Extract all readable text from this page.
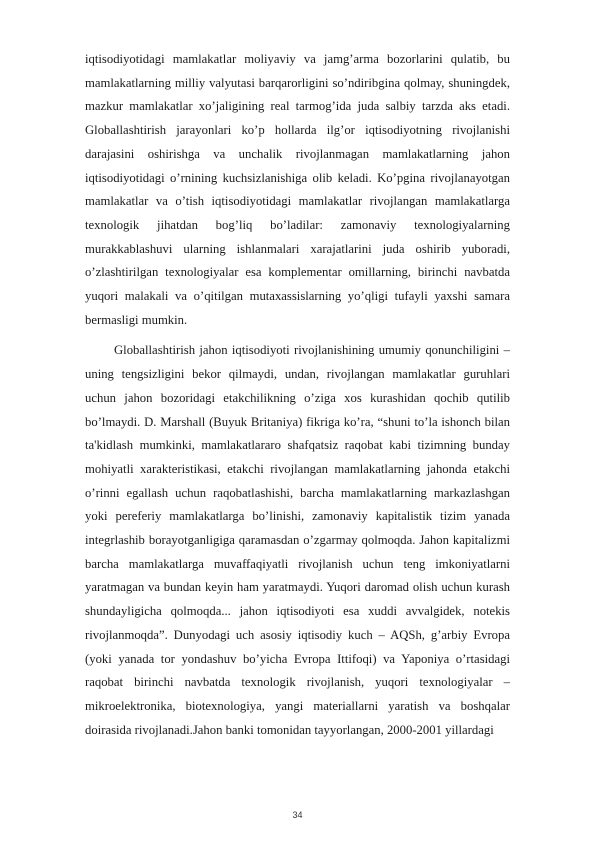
iqtisodiyotidagi mamlakatlar moliyaviy va jamg’arma bozorlarini qulatib, bu mamlakatlarning milliy valyutasi barqarorligini so’ndiribgina qolmay, shuningdek, mazkur mamlakatlar xo’jaligining real tarmog’ida juda salbiy tarzda aks etadi. Globallashtirish jarayonlari ko’p hollarda ilg’or iqtisodiyotning rivojlanishi darajasini oshirishga va unchalik rivojlanmagan mamlakatlarning jahon iqtisodiyotidagi o’rnining kuchsizlanishiga olib keladi. Ko’pgina rivojlanayotgan mamlakatlar va o’tish iqtisodiyotidagi mamlakatlar rivojlangan mamlakatlarga texnologik jihatdan bog’liq bo’ladilar: zamonaviy texnologiyalarning murakkablashuvi ularning ishlanmalari xarajatlarini juda oshirib yuboradi, o’zlashtirilgan texnologiyalar esa komplementar omillarning, birinchi navbatda yuqori malakali va o’qitilgan mutaxassislarning yo’qligi tufayli yaxshi samara bermasligi mumkin.

Globallashtirish jahon iqtisodiyoti rivojlanishining umumiy qonunchiligini – uning tengsizligini bekor qilmaydi, undan, rivojlangan mamlakatlar guruhlari uchun jahon bozoridagi etakchilikning o’ziga xos kurashidan qochib qutilib bo’lmaydi. D. Marshall (Buyuk Britaniya) fikriga ko’ra, “shuni to’la ishonch bilan ta'kidlash mumkinki, mamlakatlararo shafqatsiz raqobat kabi tizimning bunday mohiyatli xarakteristikasi, etakchi rivojlangan mamlakatlarning jahonda etakchi o’rinni egallash uchun raqobatlashishi, barcha mamlakatlarning markazlashgan yoki pereferiy mamlakatlarga bo’linishi, zamonaviy kapitalistik tizim yanada integrlashib borayotganligiga qaramasdan o’zgarmay qolmoqda. Jahon kapitalizmi barcha mamlakatlarga muvaffaqiyatli rivojlanish uchun teng imkoniyatlarni yaratmagan va bundan keyin ham yaratmaydi. Yuqori daromad olish uchun kurash shundayligicha qolmoqda... jahon iqtisodiyoti esa xuddi avvalgidek, notekis rivojlanmoqda”. Dunyodagi uch asosiy iqtisodiy kuch – AQSh, g’arbiy Evropa (yoki yanada tor yondashuv bo’yicha Evropa Ittifoqi) va Yaponiya o’rtasidagi raqobat birinchi navbatda texnologik rivojlanish, yuqori texnologiyalar – mikroelektronika, biotexnologiya, yangi materiallarni yaratish va boshqalar doirasida rivojlanadi.Jahon banki tomonidan tayyorlangan, 2000-2001 yillardagi

34
